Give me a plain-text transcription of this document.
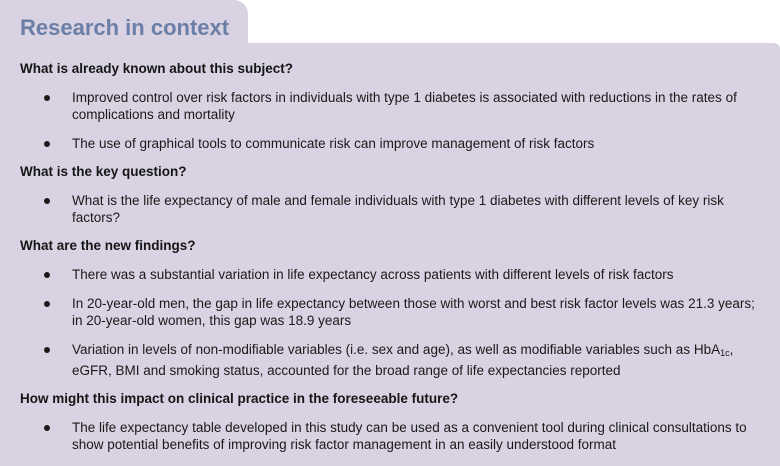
Research in context
What is already known about this subject?
Improved control over risk factors in individuals with type 1 diabetes is associated with reductions in the rates of complications and mortality
The use of graphical tools to communicate risk can improve management of risk factors
What is the key question?
What is the life expectancy of male and female individuals with type 1 diabetes with different levels of key risk factors?
What are the new findings?
There was a substantial variation in life expectancy across patients with different levels of risk factors
In 20-year-old men, the gap in life expectancy between those with worst and best risk factor levels was 21.3 years; in 20-year-old women, this gap was 18.9 years
Variation in levels of non-modifiable variables (i.e. sex and age), as well as modifiable variables such as HbA$_{1c}$, eGFR, BMI and smoking status, accounted for the broad range of life expectancies reported
How might this impact on clinical practice in the foreseeable future?
The life expectancy table developed in this study can be used as a convenient tool during clinical consultations to show potential benefits of improving risk factor management in an easily understood format
